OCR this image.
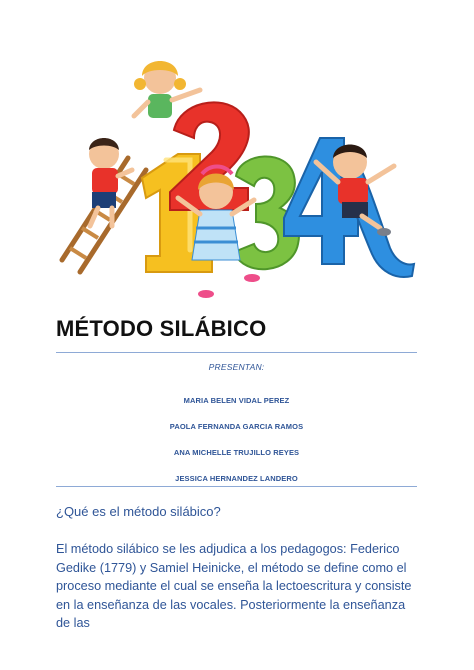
MÉTODO SILÁBICO
PRESENTAN:
MARIA BELEN VIDAL PEREZ
PAOLA FERNANDA GARCIA RAMOS
ANA MICHELLE TRUJILLO REYES
JESSICA HERNANDEZ LANDERO
¿Qué es el método silábico?
El método silábico se les adjudica a los pedagogos: Federico Gedike (1779) y Samiel Heinicke, el método se define como el proceso mediante el cual se enseña la lectoescritura y consiste en la enseñanza de las vocales. Posteriormente la enseñanza de las
